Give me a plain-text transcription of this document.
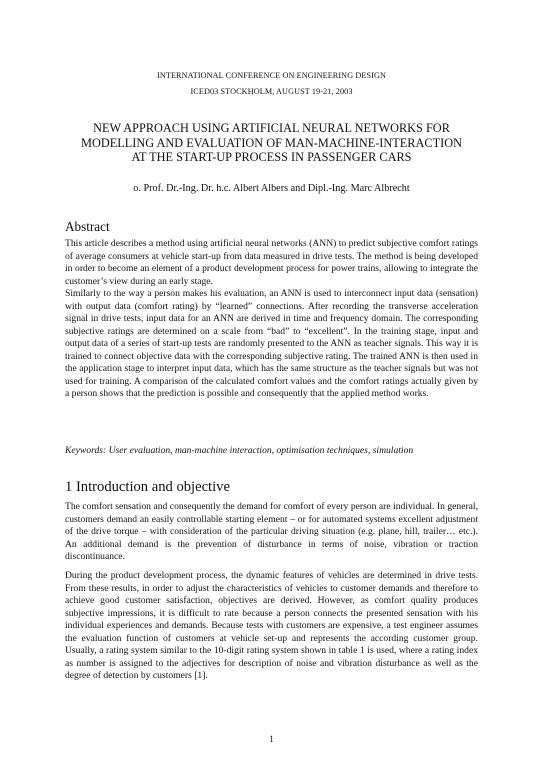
INTERNATIONAL CONFERENCE ON ENGINEERING DESIGN
ICED03 STOCKHOLM, AUGUST 19-21, 2003
NEW APPROACH USING ARTIFICIAL NEURAL NETWORKS FOR
MODELLING AND EVALUATION OF MAN-MACHINE-INTERACTION
AT THE START-UP PROCESS IN PASSENGER CARS
o. Prof. Dr.-Ing. Dr. h.c. Albert Albers and Dipl.-Ing. Marc Albrecht
Abstract

This article describes a method using artificial neural networks (ANN) to predict subjective comfort ratings of average consumers at vehicle start-up from data measured in drive tests. The method is being developed in order to become an element of a product development process for power trains, allowing to integrate the customer’s view during an early stage.

Similarly to the way a person makes his evaluation, an ANN is used to interconnect input data (sensation) with output data (comfort rating) by “learned” connections. After recording the transverse acceleration signal in drive tests, input data for an ANN are derived in time and frequency domain. The corresponding subjective ratings are determined on a scale from “bad” to “excellent”. In the training stage, input and output data of a series of start-up tests are randomly presented to the ANN as teacher signals. This way it is trained to connect objective data with the corresponding subjective rating. The trained ANN is then used in the application stage to interpret input data, which has the same structure as the teacher signals but was not used for training. A comparison of the calculated comfort values and the comfort ratings actually given by a person shows that the prediction is possible and consequently that the applied method works.

Keywords: User evaluation, man-machine interaction, optimisation techniques, simulation

1 Introduction and objective

The comfort sensation and consequently the demand for comfort of every person are individual. In general, customers demand an easily controllable starting element – or for automated systems excellent adjustment of the drive torque – with consideration of the particular driving situation (e.g. plane, hill, trailer… etc.). An additional demand is the prevention of disturbance in terms of noise, vibration or traction discontinuance.

During the product development process, the dynamic features of vehicles are determined in drive tests. From these results, in order to adjust the characteristics of vehicles to customer demands and therefore to achieve good customer satisfaction, objectives are derived. However, as comfort quality produces subjective impressions, it is difficult to rate because a person connects the presented sensation with his individual experiences and demands. Because tests with customers are expensive, a test engineer assumes the evaluation function of customers at vehicle set-up and represents the according customer group. Usually, a rating system similar to the 10-digit rating system shown in table 1 is used, where a rating index as number is assigned to the adjectives for description of noise and vibration disturbance as well as the degree of detection by customers [1].

1
